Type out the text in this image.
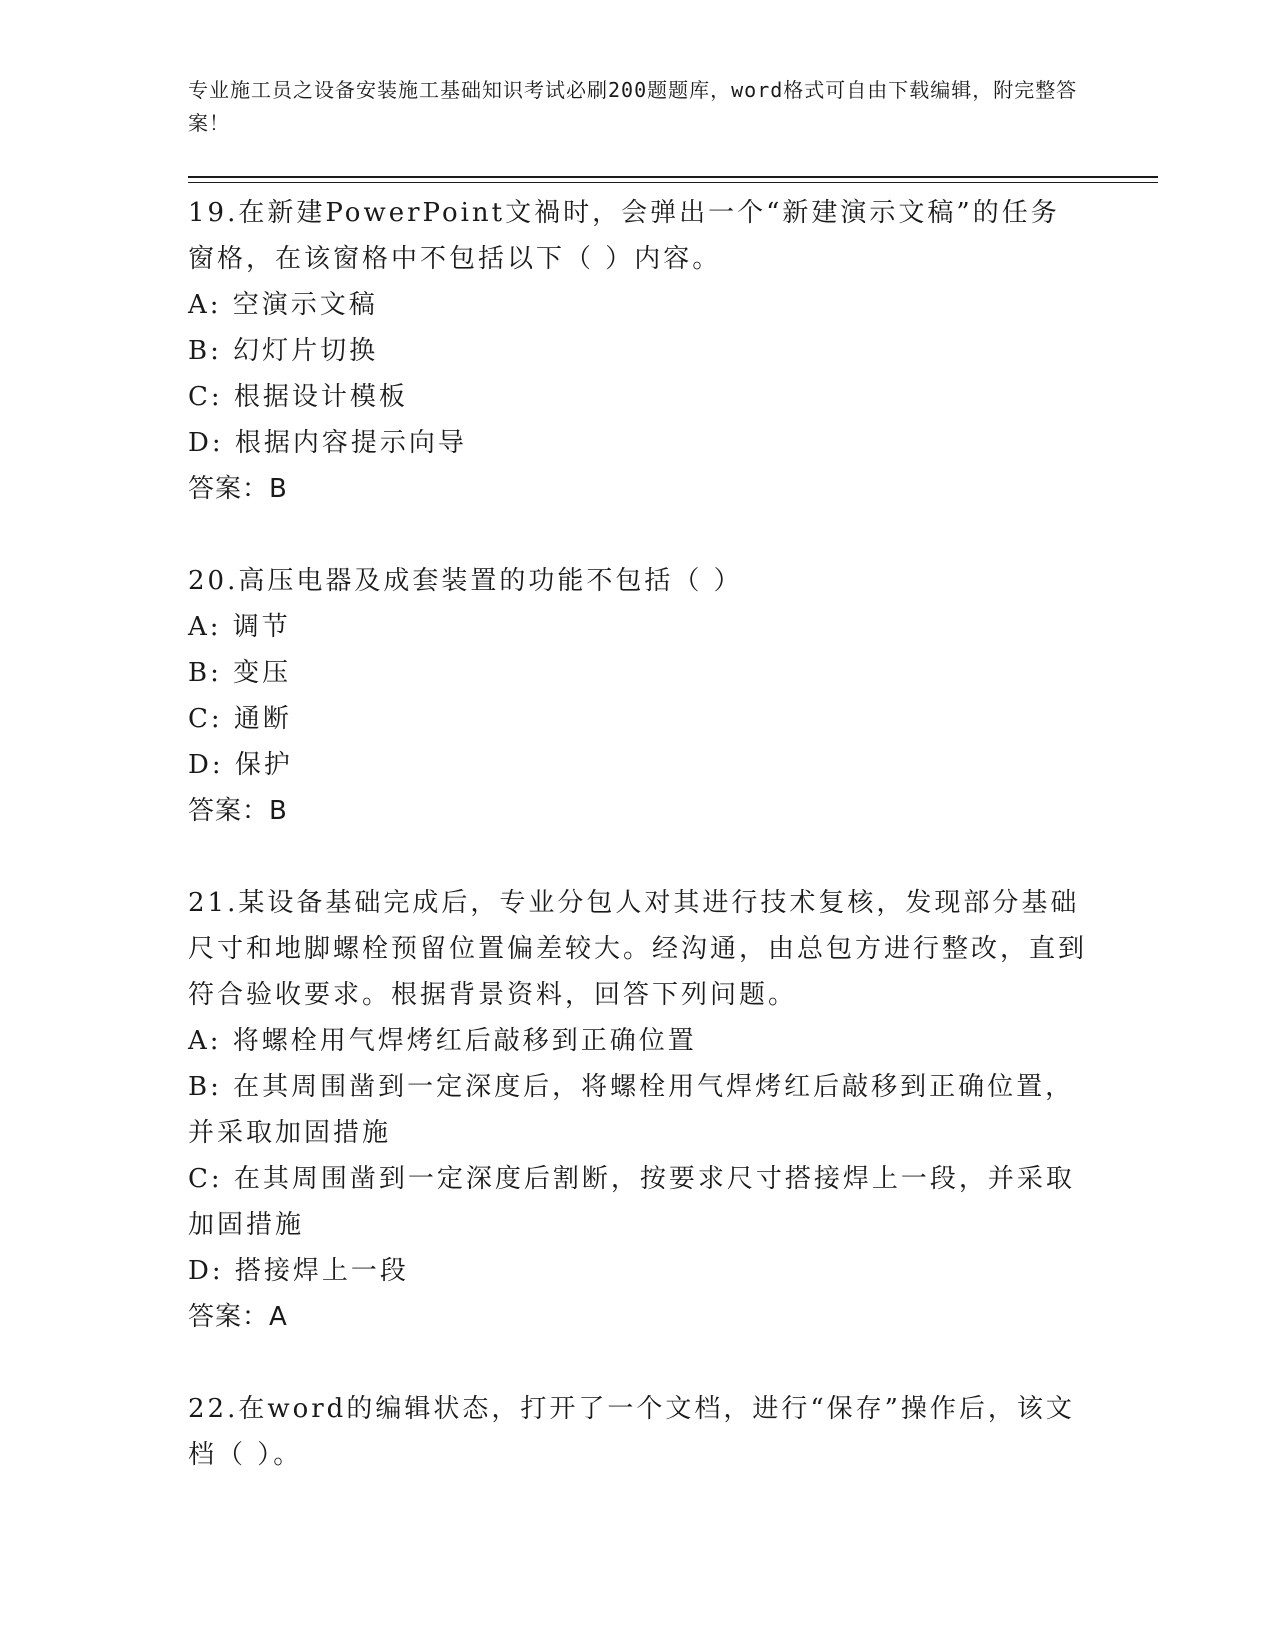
专业施工员之设备安装施工基础知识考试必刷200题题库，word格式可自由下载编辑，附完整答案！

19.在新建PowerPoint文禍时，会弹出一个“新建演示文稿”的任务窗格，在该窗格中不包括以下（ ）内容。

A: 空演示文稿

B: 幻灯片切换

C: 根据设计模板

D: 根据内容提示向导

答案：B

20.高压电器及成套装置的功能不包括（ ）

A: 调节

B: 变压

C: 通断

D: 保护

答案：B

21.某设备基础完成后，专业分包人对其进行技术复核，发现部分基础尺寸和地脚螺栓预留位置偏差较大。经沟通，由总包方进行整改，直到符合验收要求。根据背景资料，回答下列问题。

A: 将螺栓用气焊烤红后敲移到正确位置

B: 在其周围凿到一定深度后，将螺栓用气焊烤红后敲移到正确位置，并采取加固措施

C: 在其周围凿到一定深度后割断，按要求尺寸搭接焊上一段，并采取加固措施

D: 搭接焊上一段

答案：A

22.在word的编辑状态，打开了一个文档，进行“保存”操作后，该文档（ ）。
